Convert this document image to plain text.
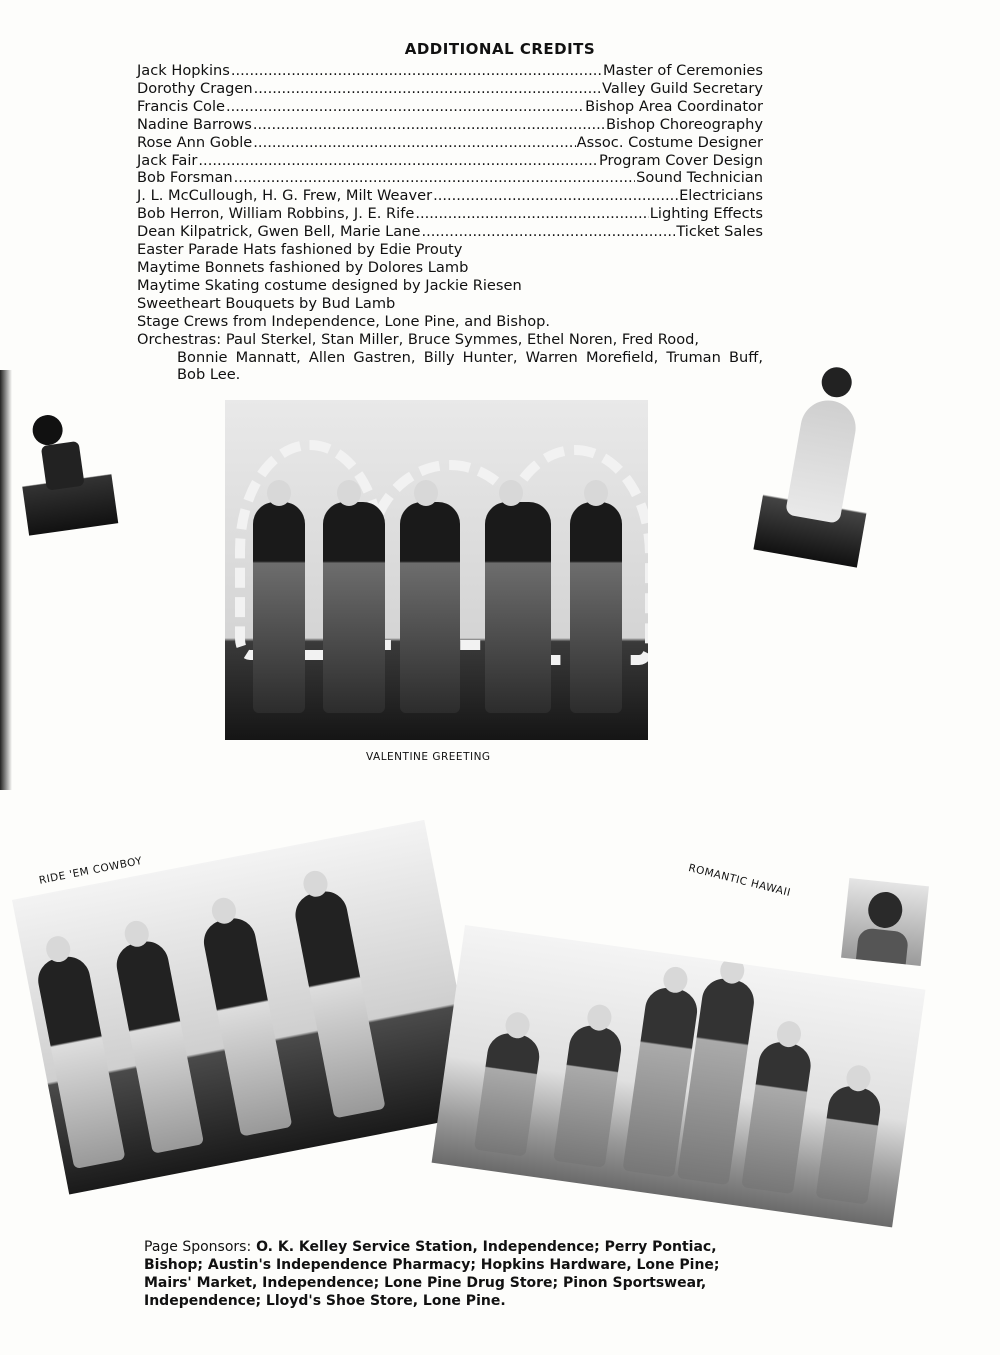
ADDITIONAL CREDITS
Jack Hopkins .....	Master of Ceremonies
Dorothy Cragen .....	Valley Guild Secretary
Francis Cole .....	Bishop Area Coordinator
Nadine Barrows .....	Bishop Choreography
Rose Ann Goble .....	Assoc. Costume Designer
Jack Fair .....	Program Cover Design
Bob Forsman .....	Sound Technician
J. L. McCullough, H. G. Frew, Milt Weaver .....	Electricians
Bob Herron, William Robbins, J. E. Rife .....	Lighting Effects
Dean Kilpatrick, Gwen Bell, Marie Lane .....	Ticket Sales
Easter Parade Hats fashioned by Edie Prouty
Maytime Bonnets fashioned by Dolores Lamb
Maytime Skating costume designed by Jackie Riesen
Sweetheart Bouquets by Bud Lamb
Stage Crews from Independence, Lone Pine, and Bishop.
Orchestras: Paul Sterkel, Stan Miller, Bruce Symmes, Ethel Noren, Fred Rood,
Bonnie Mannatt, Allen Gastren, Billy Hunter, Warren Morefield, Truman Buff, Bob Lee.
VALENTINE GREETING
RIDE 'EM COWBOY	ROMANTIC HAWAII
Page Sponsors: O. K. Kelley Service Station, Independence; Perry Pontiac, Bishop; Austin's Independence Pharmacy; Hopkins Hardware, Lone Pine; Mairs' Market, Independence; Lone Pine Drug Store; Pinon Sportswear, Independence; Lloyd's Shoe Store, Lone Pine.
